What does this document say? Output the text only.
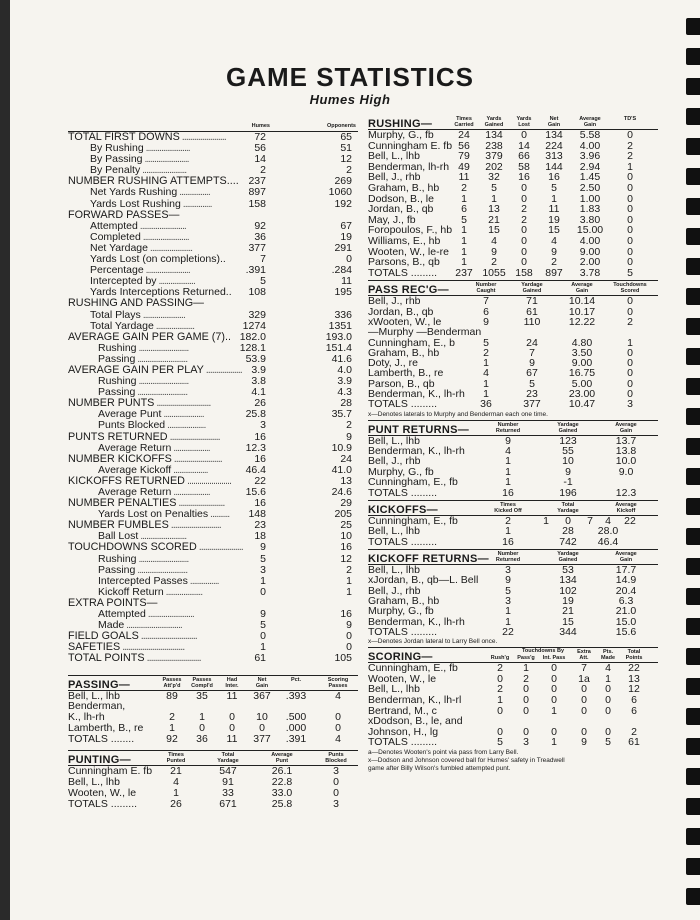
GAME STATISTICS
Humes High
Humes	Opponents
TOTAL FIRST DOWNS ......................	72	65
By Rushing .......................	56	51
By Passing .......................	14	12
By Penalty .......................	2	2
NUMBER RUSHING ATTEMPTS.... 237	269
Net Yards Rushing ................	897	1060
Yards Lost Rushing ...............	158	192
FORWARD PASSES—
Attempted ........................	92	67
Completed ........................	36	19
Net Yardage ......................	377	291
Yards Lost (on completions)..	7	0
Percentage .......................	.391	.284
Intercepted by ...................	5	11
Yards Interceptions Returned.. 108	195
RUSHING AND PASSING—
Total Plays ......................	329	336
Total Yardage ....................	1274	1351
AVERAGE GAIN PER GAME (7).. 182.0	193.0
Rushing ..........................	128.1	151.4
Passing ..........................	53.9	41.6
AVERAGE GAIN PER PLAY .................. 3.9	4.0
Rushing ..........................	3.8	3.9
Passing ..........................	4.1	4.3
NUMBER PUNTS ...........................	26	28
Average Punt .....................	25.8	35.7
Punts Blocked ....................	3	2
PUNTS RETURNED .........................	16	9
Average Return ...................	12.3	10.9
NUMBER KICKOFFS ........................	16	24
Average Kickoff ..................	46.4	41.0
KICKOFFS RETURNED ...................... 22	13
Average Return ...................	15.6	24.6
NUMBER PENALTIES .......................	16	29
Yards Lost on Penalties .......... 148	205
NUMBER FUMBLES .........................	23	25
Ball Lost ........................	18	10
TOUCHDOWNS SCORED ...................... 9	16
Rushing ..........................	5	12
Passing ..........................	3	2
Intercepted Passes ...............	1	1
Kickoff Return ...................	0	1
EXTRA POINTS—
Attempted ........................	9	16
Made .............................	5	9
FIELD GOALS ............................	0	0
SAFETIES ...............................	1	0
TOTAL POINTS ...........................	61	105
PASSING—	Passes
Att'p'd
Passes
Compl'd
Had
Inter.
Net
Gain
Pct.	Scoring
Passes
Bell, L., lhb	89	35	11	367	.393	4
Benderman,
K., lh-rh	2	1	0	10	.500	0
Lamberth, B., re	1	0	0	0	.000	0
TOTALS ........	92	36	11	377	.391	4
PUNTING—	Times
Punted
Total
Yardage
Average
Punt
Punts
Blocked
Cunningham E. fb	21	547	26.1	3
Bell, L., lhb	4	91	22.8	0
Wooten, W., le	1	33	33.0	0
TOTALS .........	26	671	25.8	3
RUSHING—	Times
Carried
Yards
Gained
Yards
Lost
Net
Gain
Average
Gain
TD'S
Murphy, G., fb	24	134	0	134	5.58	0
Cunningham E. fb 56	238	14	224	4.00	2
Bell, L., lhb	79	379	66	313	3.96	2
Benderman, lh-rh 49	202	58	144	2.94	1
Bell, J., rhb	11	32	16	16	1.45	0
Graham, B., hb	2	5	0	5	2.50	0
Dodson, B., le	1	1	0	1	1.00	0
Jordan, B., qb	6	13	2	11	1.83	0
May, J., fb	5	21	2	19	3.80	0
Foropoulos, F., hb 1	15	0	15	15.00	0
Williams, E., hb	1	4	0	4	4.00	0
Wooten, W., le-re	1	9	0	9	9.00	0
Parsons, B., qb	1	2	0	2	2.00	0
TOTALS .........	237 1055 158	897	3.78	5
PASS REC'G—	Number
Caught
Yardage
Gained
Average
Gain
Touchdowns
Scored
Bell, J., rhb	7	71	10.14	0
Jordan, B., qb	6	61	10.17	0
xWooten, W., le	9	110	12.22	2
—Murphy —Benderman
Cunningham, E., b	5	24	4.80	1
Graham, B., hb	2	7	3.50	0
Doty, J., re	1	9	9.00	0
Lamberth, B., re	4	67	16.75	0
Parson, B., qb	1	5	5.00	0
Benderman, K., lh-rh	1	23	23.00	0
TOTALS .........	36	377	10.47	3
x—Denotes laterals to Murphy and Benderman each one time.
PUNT RETURNS—	Number
Returned
Yardage
Gained
Average
Gain
Bell, L., lhb	9	123	13.7
Benderman, K., lh-rh	4	55	13.8
Bell, J., rhb	1	10	10.0
Murphy, G., fb	1	9	9.0
Cunningham, E., fb	1	-1
TOTALS .........	16	196	12.3
KICKOFFS—	Times
Kicked Off
Total
Yardage
Average
Kickoff
Cunningham, E., fb	2	1	0	7	4	22
Bell, L., lhb	1	28	28.0
TOTALS .........	16	742	46.4
KICKOFF RETURNS—	Number
Returned
Yardage
Gained
Average
Gain
Bell, L., lhb	3	53	17.7
xJordan, B., qb—L. Bell	9	134	14.9
Bell, J., rhb	5	102	20.4
Graham, B., hb	3	19	6.3
Murphy, G., fb	1	21	21.0
Benderman, K., lh-rh	1	15	15.0
TOTALS .........	22	344	15.6
x—Denotes Jordan lateral to Larry Bell once.
SCORING—	Rush'g	Pass'g	Int. Pass
Extra
Att.
Pts.
Made
Total
Points
Touchdowns By
Cunningham, E., fb	2	1	0	7	4	22
Wooten, W., le	0	2	0	1a	1	13
Bell, L., lhb	2	0	0	0	0	12
Benderman, K., lh-rl	1	0	0	0	0	6
Bertrand, M., c	0	0	1	0	0	6
xDodson, B., le, and
Johnson, H., lg	0	0	0	0	0	2
TOTALS .........	5	3	1	9	5	61
a—Denotes Wooten's point via pass from Larry Bell.
x—Dodson and Johnson covered ball for Humes' safety in Treadwell
game after Billy Wilson's fumbled attempted punt.
